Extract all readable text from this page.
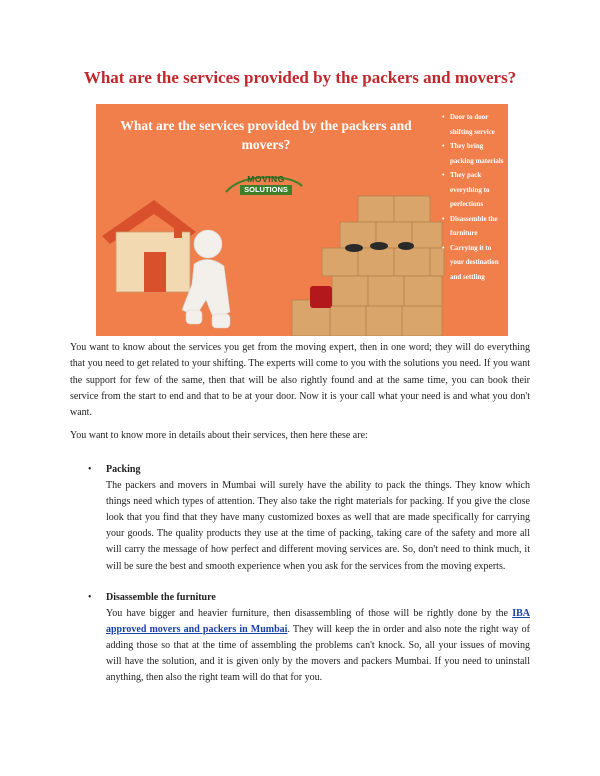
What are the services provided by the packers and movers?
MOVING
SOLUTIONS
What are the services provided by the packers and movers?
• Door to door shifting service
• They bring packing materials
• They pack everything to perfections
• Disassemble the furniture
• Carrying it to your destination and settling

You want to know about the services you get from the moving expert, then in one word; they will do everything that you need to get related to your shifting. The experts will come to you with the solutions you need. If you want the support for few of the same, then that will be also rightly found and at the same time, you can book their service from the start to end and that to be at your door. Now it is your call what your need is and what you don't want.

You want to know more in details about their services, then here these are:

• Packing
The packers and movers in Mumbai will surely have the ability to pack the things. They know which things need which types of attention. They also take the right materials for packing. If you give the close look that you find that they have many customized boxes as well that are made specifically for carrying your goods. The quality products they use at the time of packing, taking care of the safety and more all will carry the message of how perfect and different moving services are. So, don't need to think much, it will be sure the best and smooth experience when you ask for the services from the moving experts.
• Disassemble the furniture
You have bigger and heavier furniture, then disassembling of those will be rightly done by the IBA approved movers and packers in Mumbai. They will keep the in order and also note the right way of adding those so that at the time of assembling the problems can't knock. So, all your issues of moving will have the solution, and it is given only by the movers and packers Mumbai. If you need to uninstall anything, then also the right team will do that for you.
